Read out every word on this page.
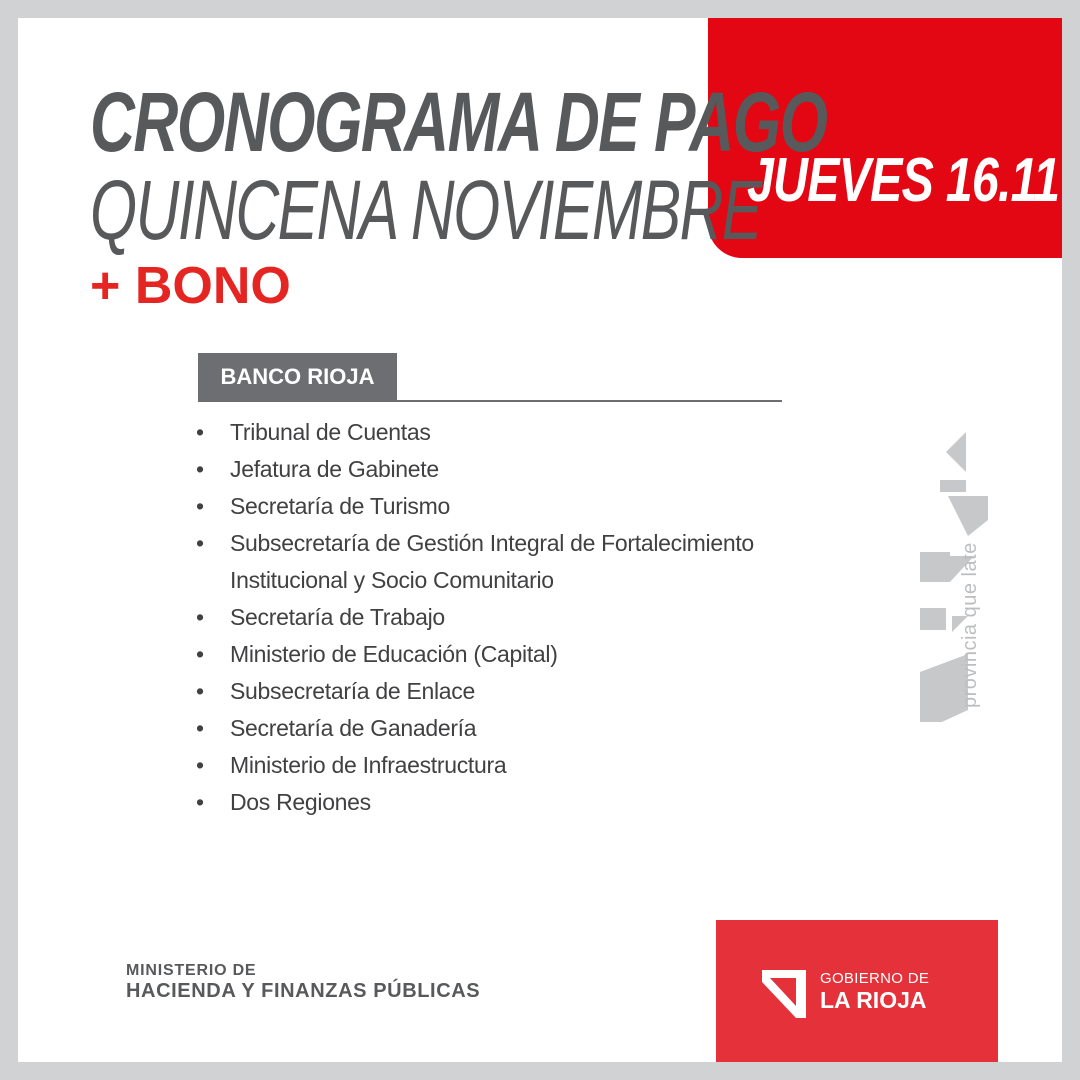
JUEVES 16.11
CRONOGRAMA DE PAGO
QUINCENA NOVIEMBRE
+ BONO
BANCO RIOJA
• Tribunal de Cuentas
• Jefatura de Gabinete
• Secretaría de Turismo
• Subsecretaría de Gestión Integral de Fortalecimiento Institucional y Socio Comunitario
• Secretaría de Trabajo
• Ministerio de Educación (Capital)
• Subsecretaría de Enlace
• Secretaría de Ganadería
• Ministerio de Infraestructura
• Dos Regiones
provincia que late
MINISTERIO DE
HACIENDA Y FINANZAS PÚBLICAS
GOBIERNO DE
LA RIOJA
